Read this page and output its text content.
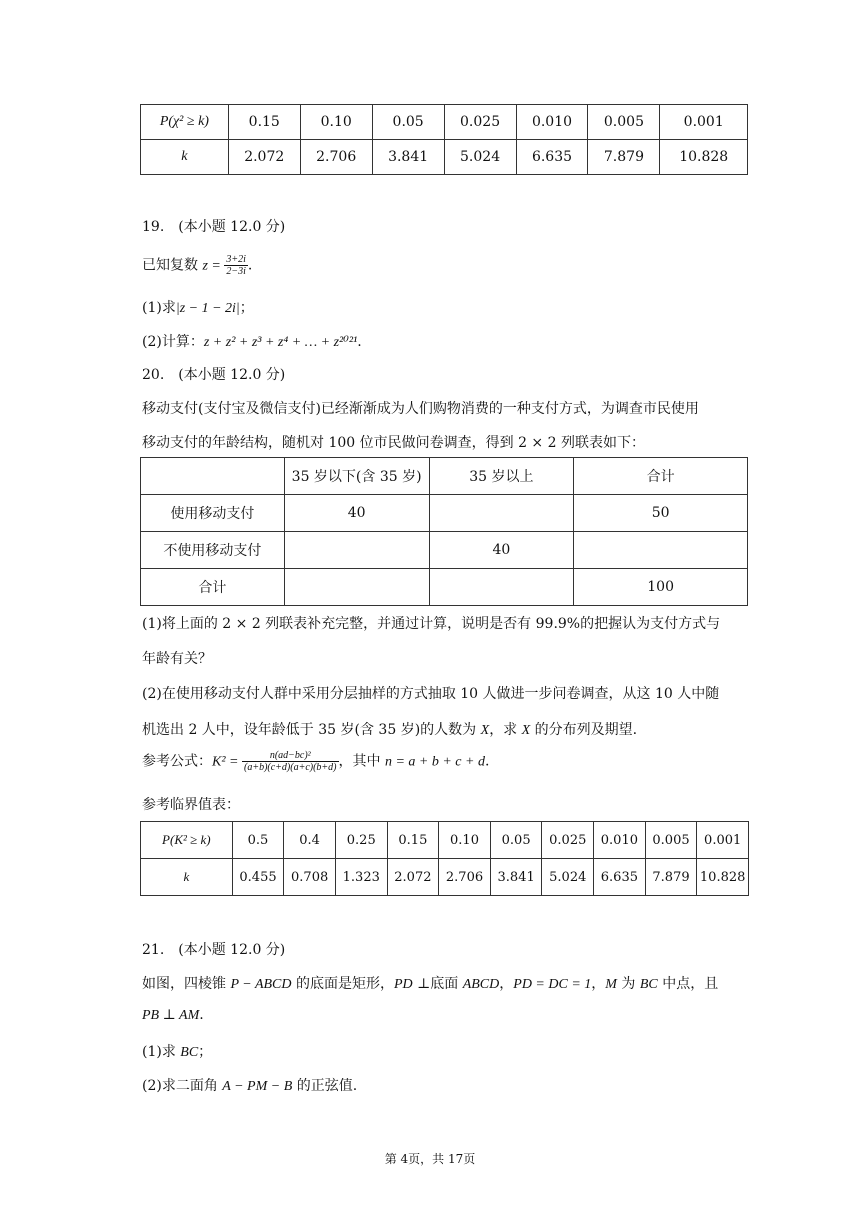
P(χ² ≥ k)	0.15	0.10	0.05	0.025	0.010	0.005	0.001
k	2.072	2.706	3.841	5.024	6.635	7.879	10.828
19.　(本小题 12.0 分)
已知复数 $z = \frac{3+2i}{2-3i}$ .
(1)求|z − 1 − 2i|；
(2)计算：z + z² + z³ + z⁴ + … + z²⁰²¹.
20.　(本小题 12.0 分)
移动支付(支付宝及微信支付)已经渐渐成为人们购物消费的一种支付方式，为调查市民使用
移动支付的年龄结构，随机对 100 位市民做问卷调查，得到 2 × 2 列联表如下：
	35 岁以下(含 35 岁)	35 岁以上	合计
使用移动支付	40		50
不使用移动支付		40	
合计			100
(1)将上面的 2 × 2 列联表补充完整，并通过计算，说明是否有 99.9%的把握认为支付方式与
年龄有关？
(2)在使用移动支付人群中采用分层抽样的方式抽取 10 人做进一步问卷调查，从这 10 人中随
机选出 2 人中，设年龄低于 35 岁(含 35 岁)的人数为 X，求 X 的分布列及期望.
参考公式：$K^2 = \frac{\text{n(ad−bc)²}}{(a+b)(c+d)(a+c)(b+d)}$ ，其中 n = a + b + c + d.
参考临界值表：
P(K² ≥ k)	0.5	0.4	0.25	0.15	0.10	0.05	0.025	0.010	0.005	0.001
k	0.455	0.708	1.323	2.072	2.706	3.841	5.024	6.635	7.879	10.828
21.　(本小题 12.0 分)
如图，四棱锥 P − ABCD 的底面是矩形，PD ⊥底面 ABCD，PD = DC = 1，M 为 BC 中点，且
PB ⊥ AM.
(1)求 BC；
(2)求二面角 A − PM − B 的正弦值.
第 4页，共 17页
